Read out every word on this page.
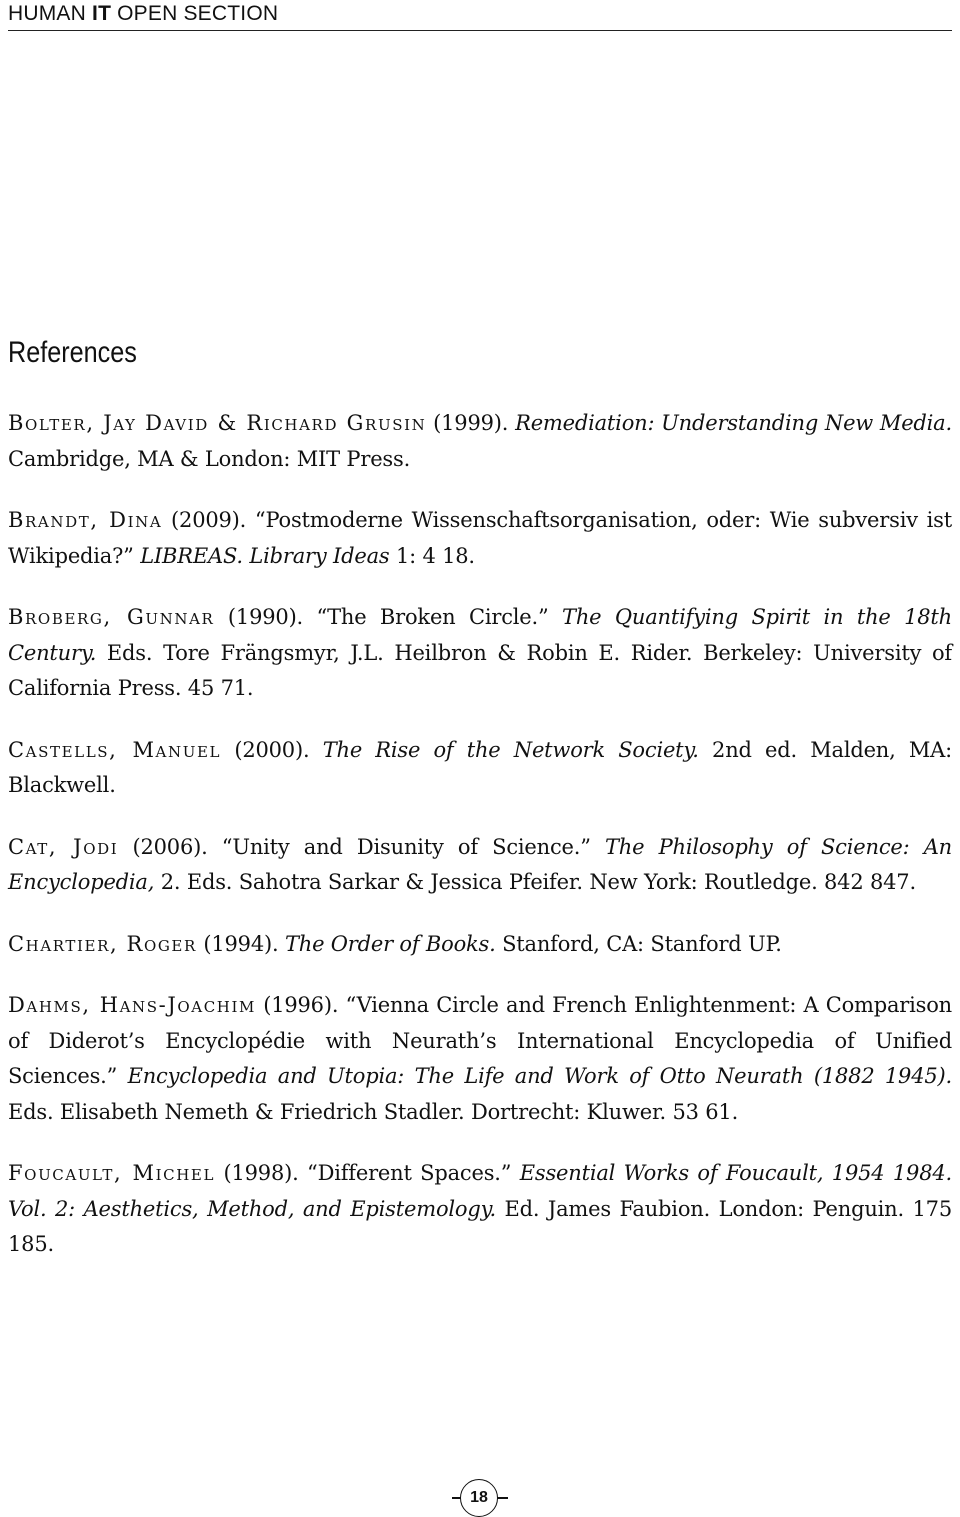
HUMAN IT OPEN SECTION
References

Bolter, Jay David & Richard Grusin (1999). Remediation: Understanding New Media. Cambridge, MA & London: MIT Press.

Brandt, Dina (2009). “Postmoderne Wissenschaftsorganisation, oder: Wie subversiv ist Wikipedia?” LIBREAS. Library Ideas 1: 4 18.

Broberg, Gunnar (1990). “The Broken Circle.” The Quantifying Spirit in the 18th Century. Eds. Tore Frängsmyr, J.L. Heilbron & Robin E. Rider. Berkeley: University of California Press. 45 71.

Castells, Manuel (2000). The Rise of the Network Society. 2nd ed. Malden, MA: Blackwell.

Cat, Jodi (2006). “Unity and Disunity of Science.” The Philosophy of Science: An Encyclopedia, 2. Eds. Sahotra Sarkar & Jessica Pfeifer. New York: Routledge. 842 847.

Chartier, Roger (1994). The Order of Books. Stanford, CA: Stanford UP.

Dahms, Hans-Joachim (1996). “Vienna Circle and French Enlightenment: A Comparison of Diderot’s Encyclopédie with Neurath’s International Encyclopedia of Unified Sciences.” Encyclopedia and Utopia: The Life and Work of Otto Neurath (1882 1945). Eds. Elisabeth Nemeth & Friedrich Stadler. Dortrecht: Kluwer. 53 61.

Foucault, Michel (1998). “Different Spaces.” Essential Works of Foucault, 1954 1984. Vol. 2: Aesthetics, Method, and Epistemology. Ed. James Faubion. London: Penguin. 175 185.

18
